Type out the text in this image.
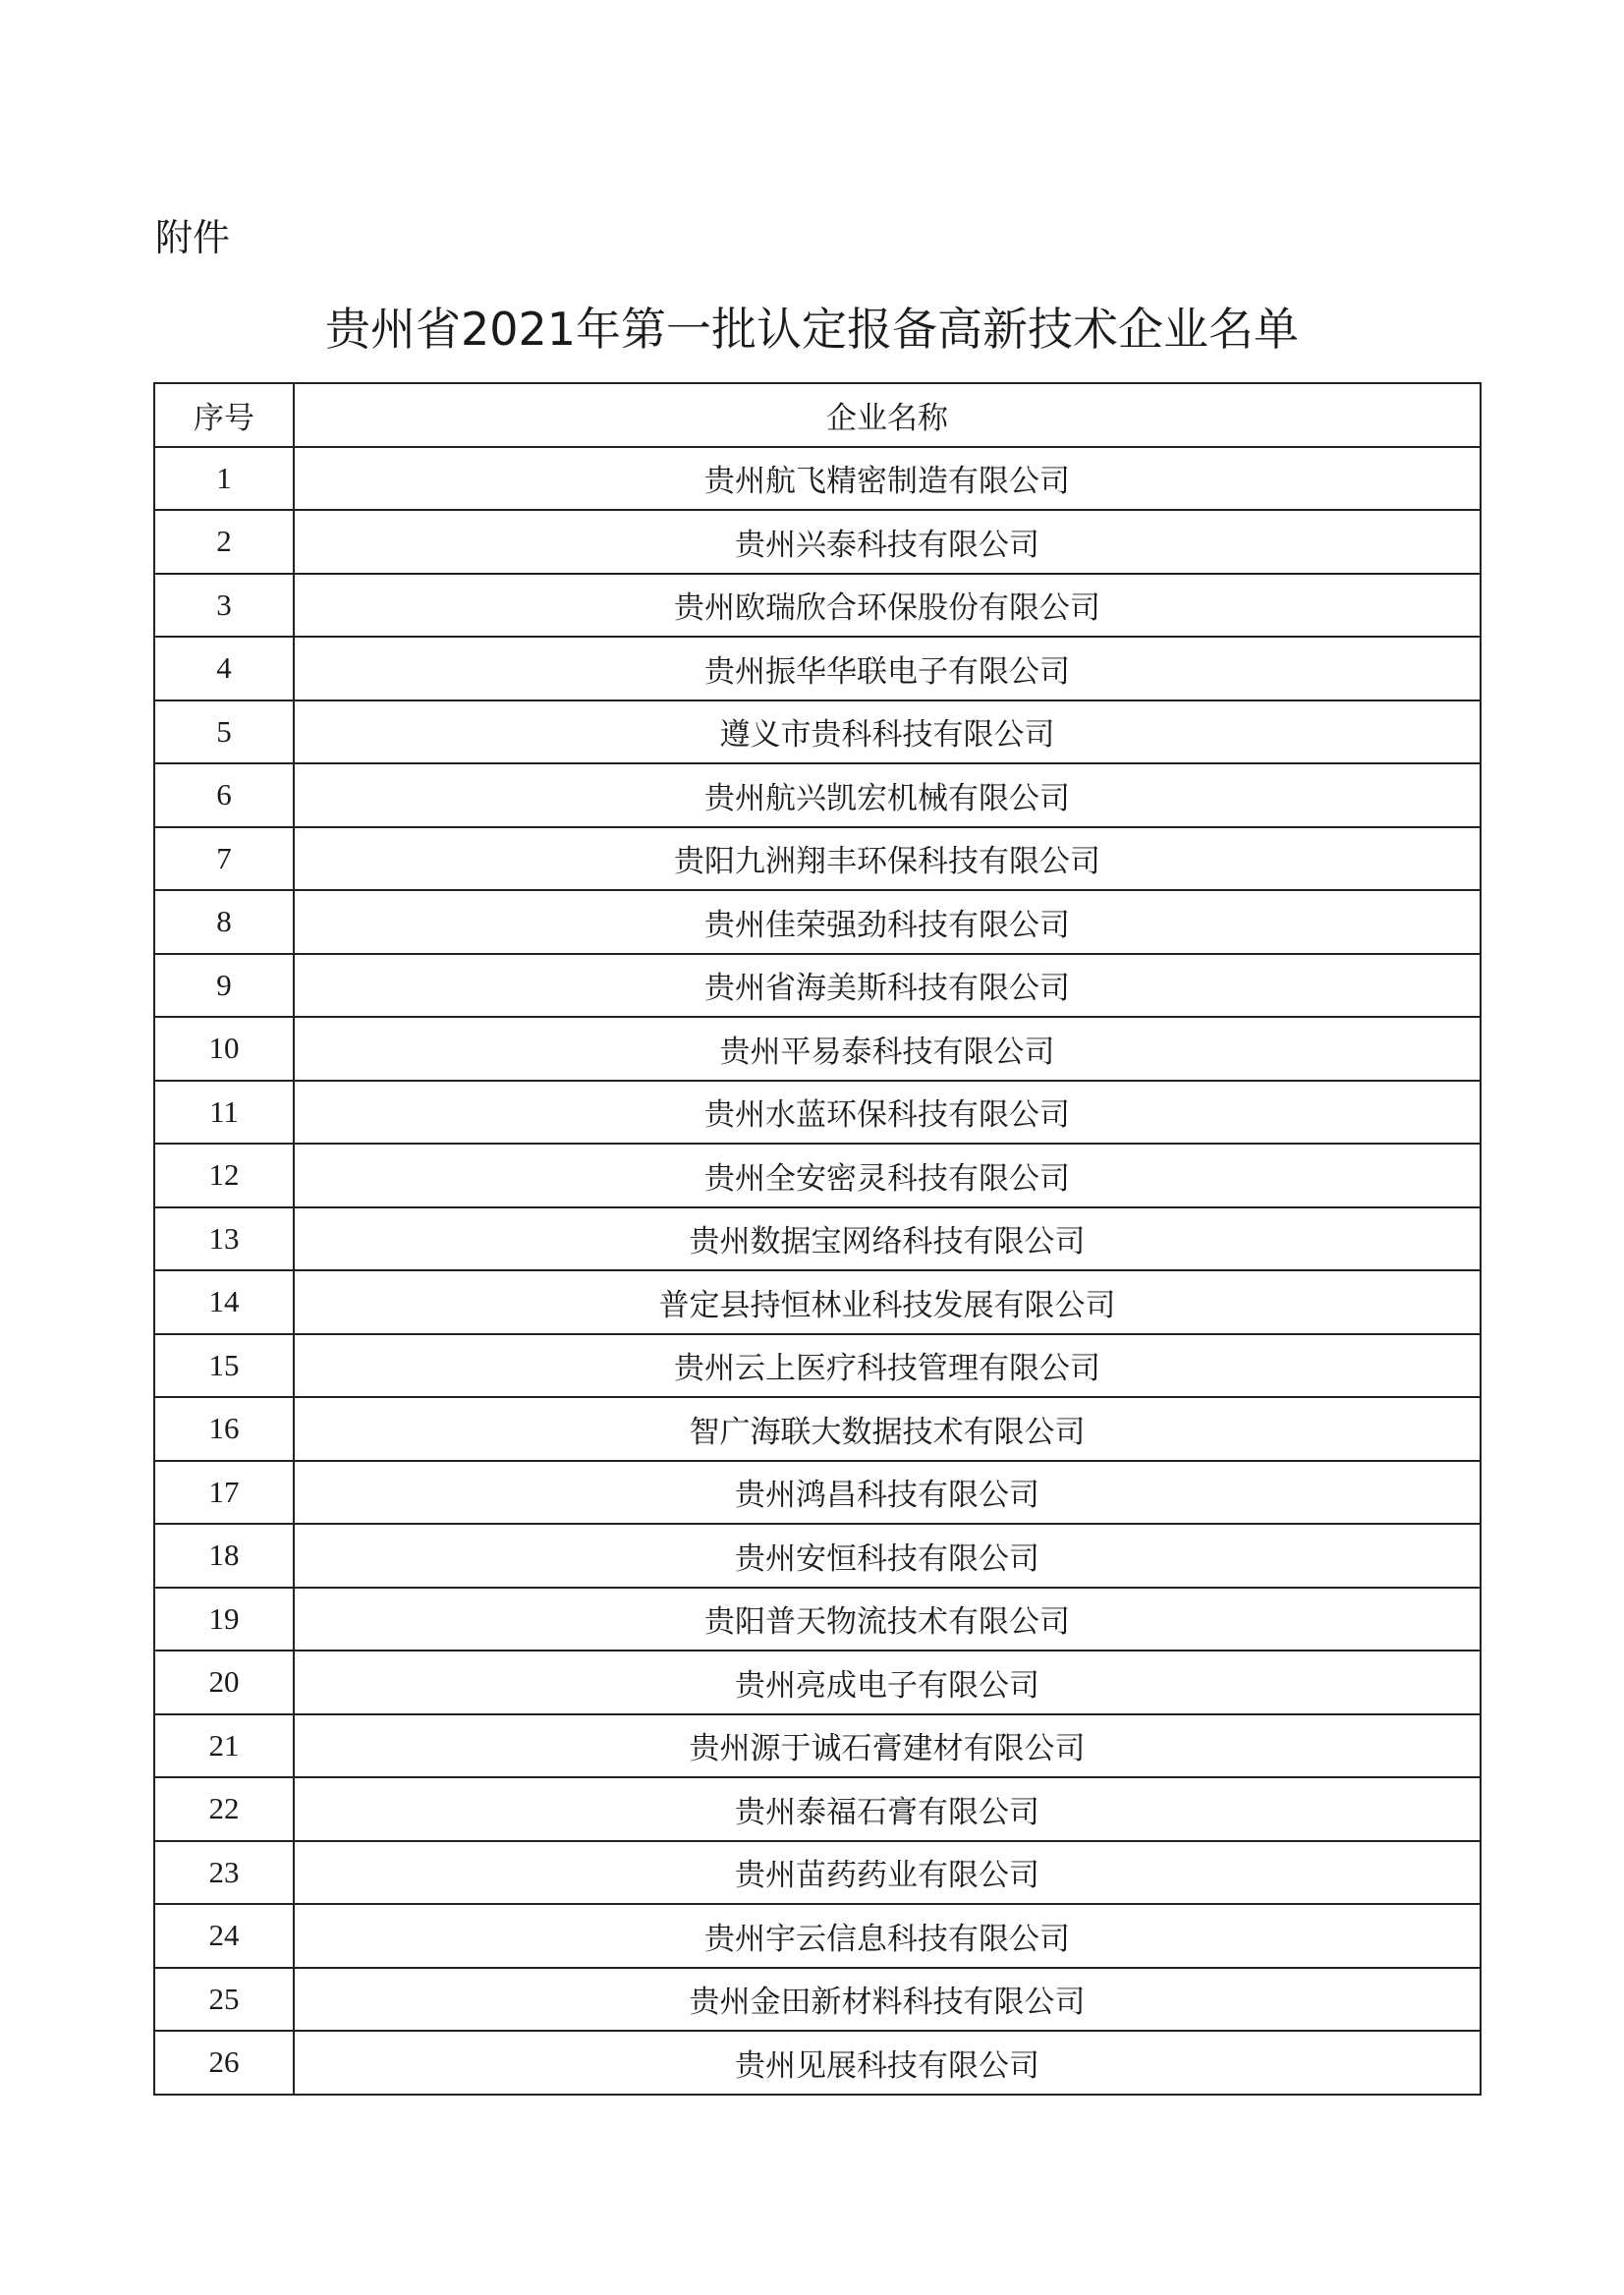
附件
贵州省2021年第一批认定报备高新技术企业名单
序号	企业名称
1	贵州航飞精密制造有限公司
2	贵州兴泰科技有限公司
3	贵州欧瑞欣合环保股份有限公司
4	贵州振华华联电子有限公司
5	遵义市贵科科技有限公司
6	贵州航兴凯宏机械有限公司
7	贵阳九洲翔丰环保科技有限公司
8	贵州佳荣强劲科技有限公司
9	贵州省海美斯科技有限公司
10	贵州平易泰科技有限公司
11	贵州水蓝环保科技有限公司
12	贵州全安密灵科技有限公司
13	贵州数据宝网络科技有限公司
14	普定县持恒林业科技发展有限公司
15	贵州云上医疗科技管理有限公司
16	智广海联大数据技术有限公司
17	贵州鸿昌科技有限公司
18	贵州安恒科技有限公司
19	贵阳普天物流技术有限公司
20	贵州亮成电子有限公司
21	贵州源于诚石膏建材有限公司
22	贵州泰福石膏有限公司
23	贵州苗药药业有限公司
24	贵州宇云信息科技有限公司
25	贵州金田新材料科技有限公司
26	贵州见展科技有限公司
